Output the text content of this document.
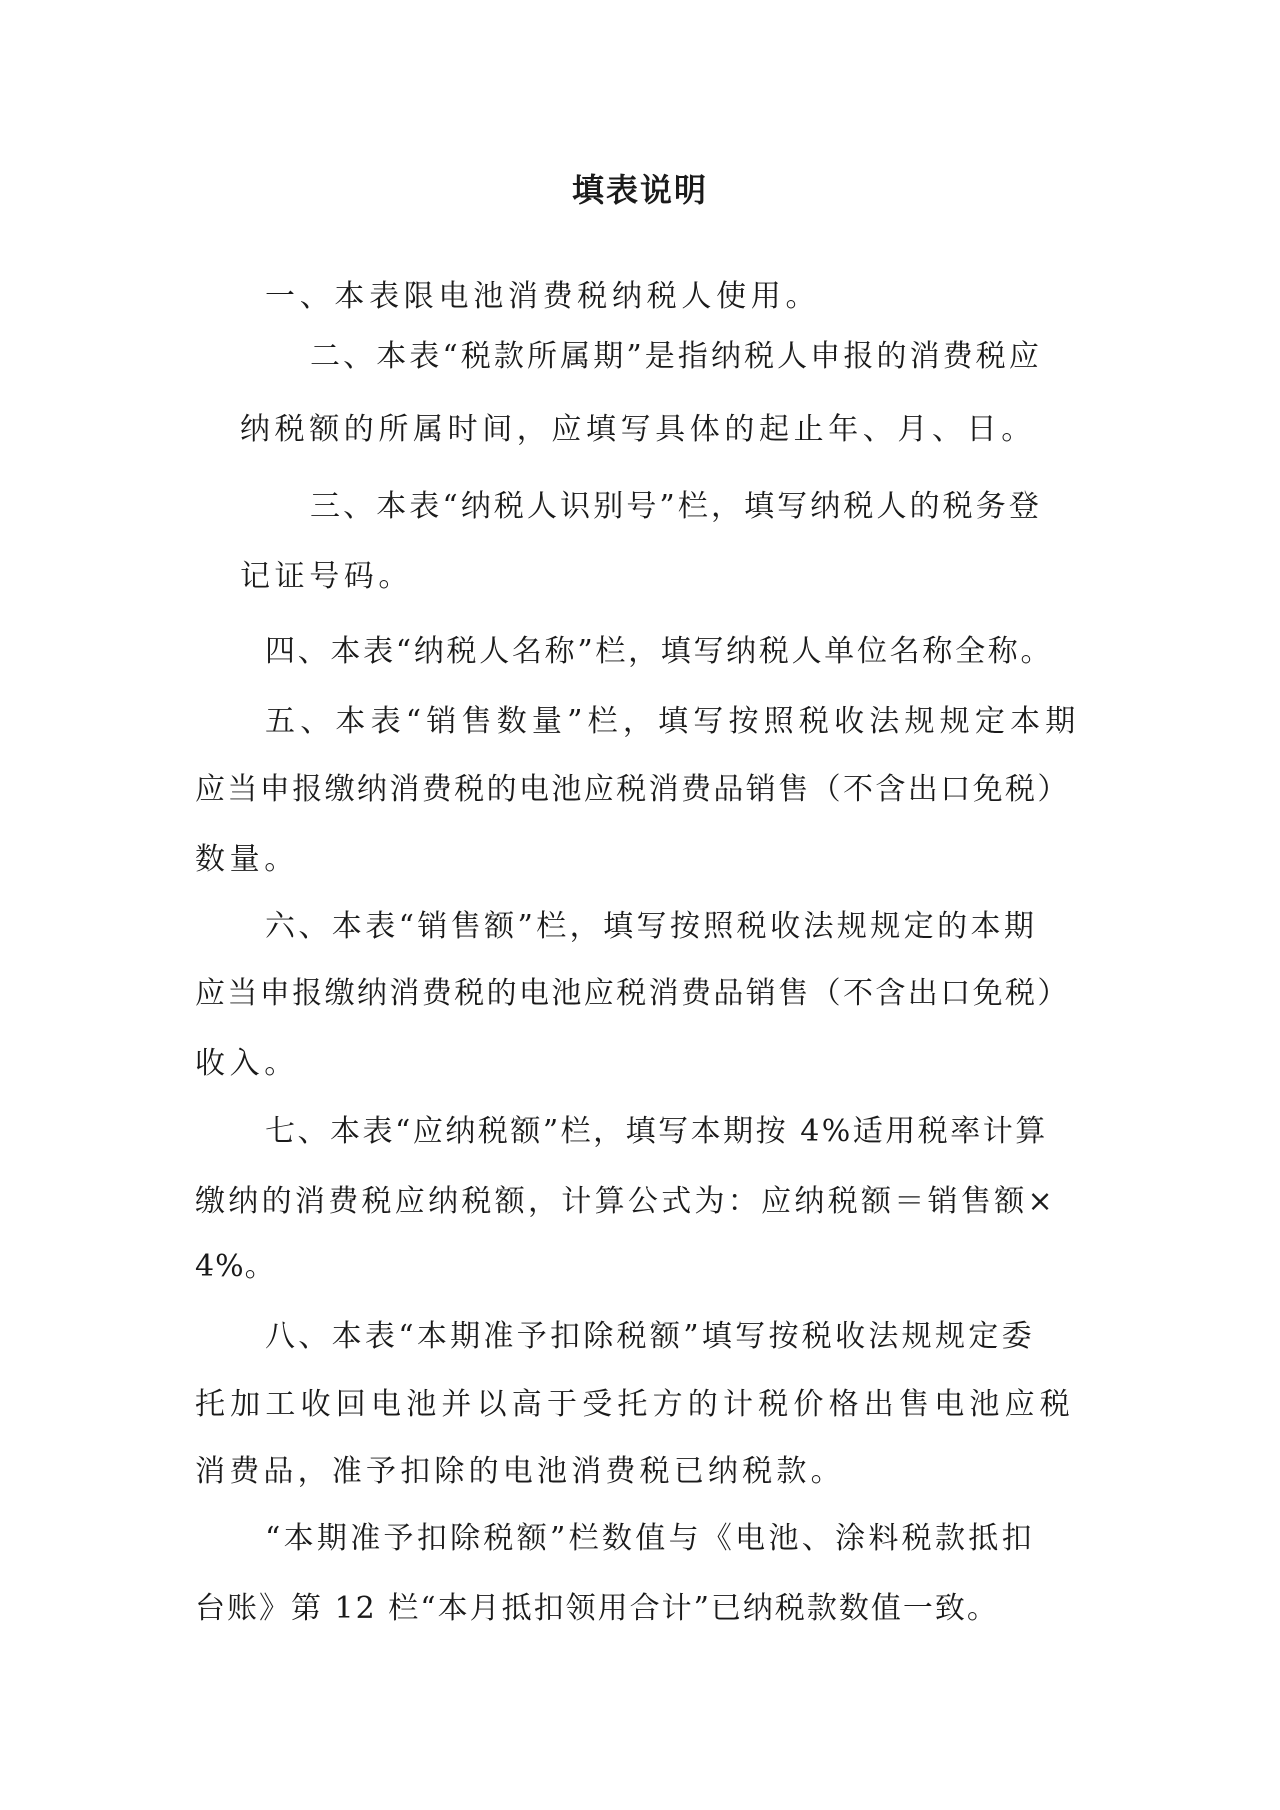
填表说明
一、本表限电池消费税纳税人使用。
二、本表“税款所属期”是指纳税人申报的消费税应
纳税额的所属时间，应填写具体的起止年、月、日。
三、本表“纳税人识别号”栏，填写纳税人的税务登
记证号码。
四、本表“纳税人名称”栏，填写纳税人单位名称全称。
五、本表“销售数量”栏，填写按照税收法规规定本期
应当申报缴纳消费税的电池应税消费品销售（不含出口免税）
数量。
六、本表“销售额”栏，填写按照税收法规规定的本期
应当申报缴纳消费税的电池应税消费品销售（不含出口免税）
收入。
七、本表“应纳税额”栏，填写本期按 4%适用税率计算
缴纳的消费税应纳税额，计算公式为：应纳税额＝销售额×
4%。
八、本表“本期准予扣除税额”填写按税收法规规定委
托加工收回电池并以高于受托方的计税价格出售电池应税
消费品，准予扣除的电池消费税已纳税款。
“本期准予扣除税额”栏数值与《电池、涂料税款抵扣
台账》第 12 栏“本月抵扣领用合计”已纳税款数值一致。
